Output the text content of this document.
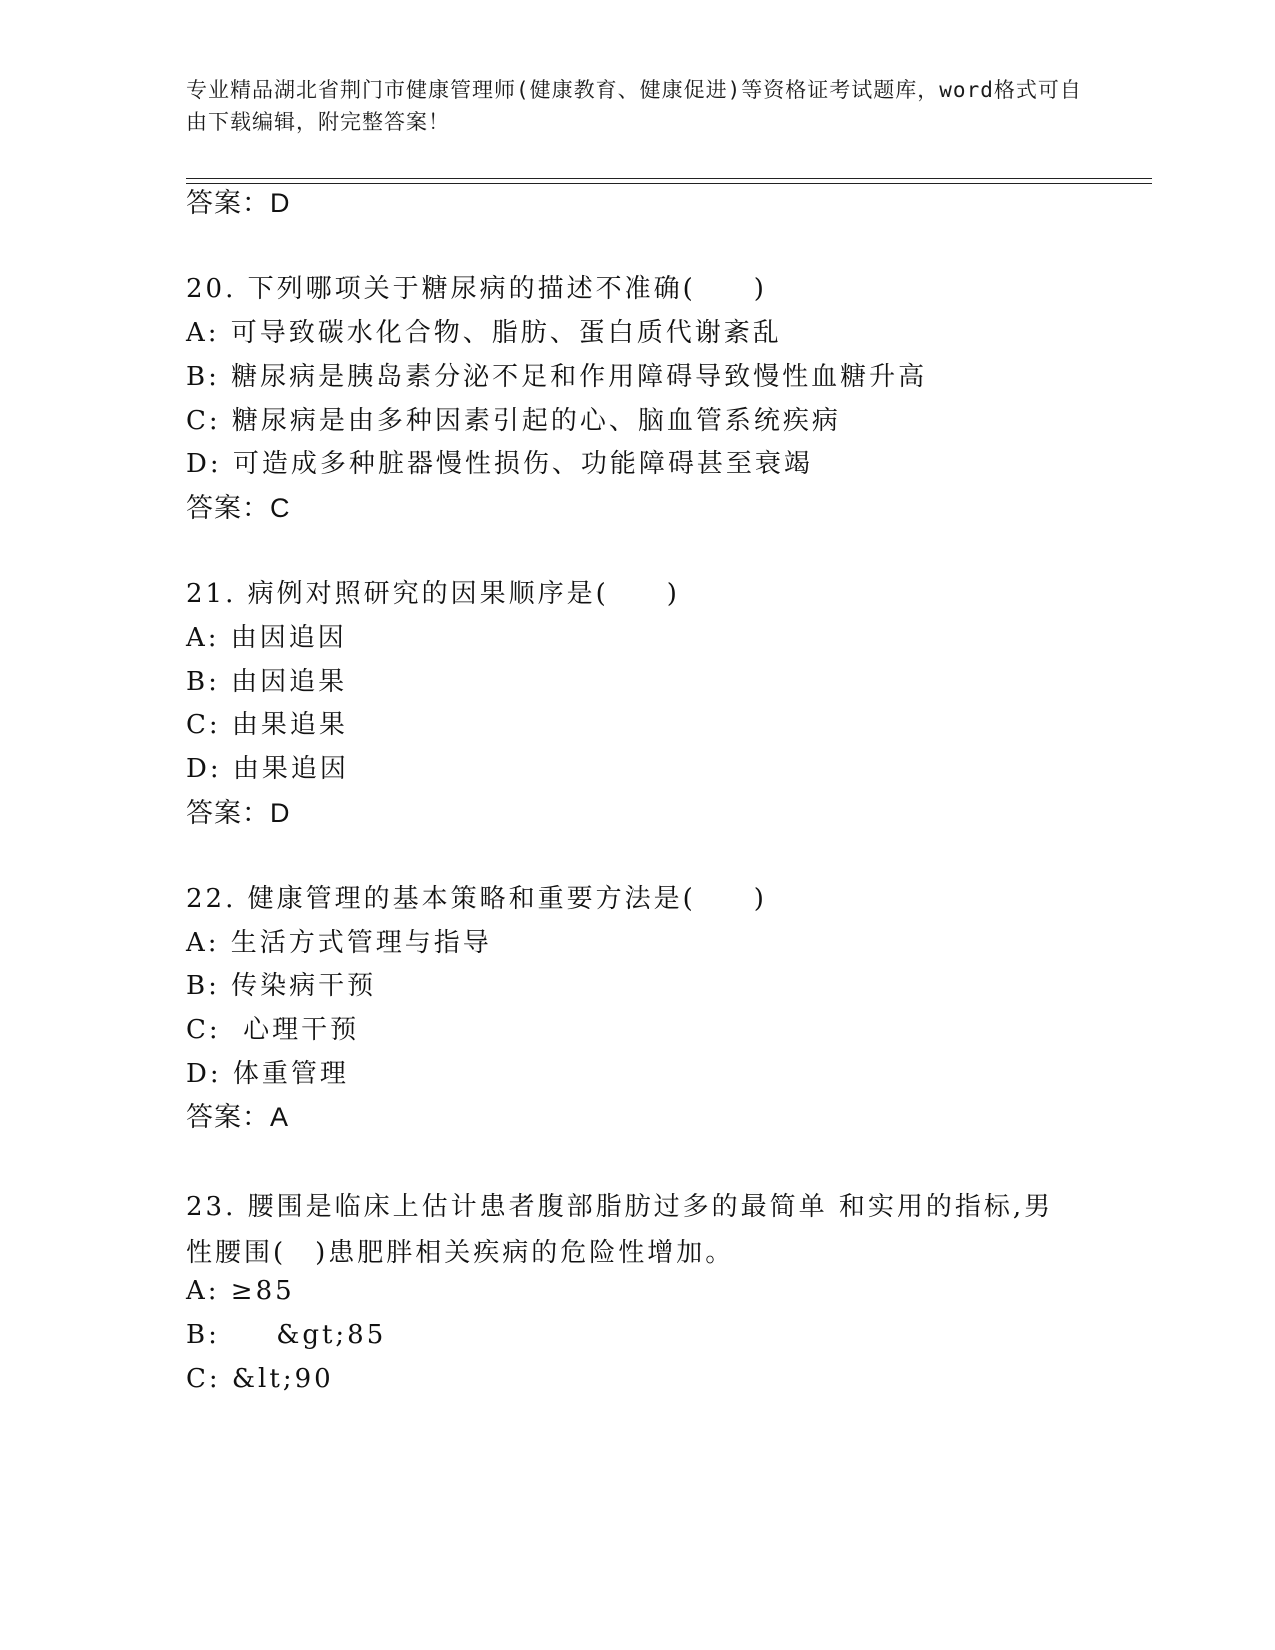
专业精品湖北省荆门市健康管理师(健康教育、健康促进)等资格证考试题库，word格式可自由下载编辑，附完整答案！
答案：D
20. 下列哪项关于糖尿病的描述不准确(　　)
A: 可导致碳水化合物、脂肪、蛋白质代谢紊乱
B: 糖尿病是胰岛素分泌不足和作用障碍导致慢性血糖升高
C: 糖尿病是由多种因素引起的心、脑血管系统疾病
D: 可造成多种脏器慢性损伤、功能障碍甚至衰竭
答案：C
21. 病例对照研究的因果顺序是(　　)
A: 由因追因
B: 由因追果
C: 由果追果
D: 由果追因
答案：D
22. 健康管理的基本策略和重要方法是(　　)
A: 生活方式管理与指导
B: 传染病干预
C:  心理干预
D: 体重管理
答案：A
23. 腰围是临床上估计患者腹部脂肪过多的最简单 和实用的指标,男性腰围(　)患肥胖相关疾病的危险性增加。
A: ≥85
B:     &gt;85
C: &lt;90
